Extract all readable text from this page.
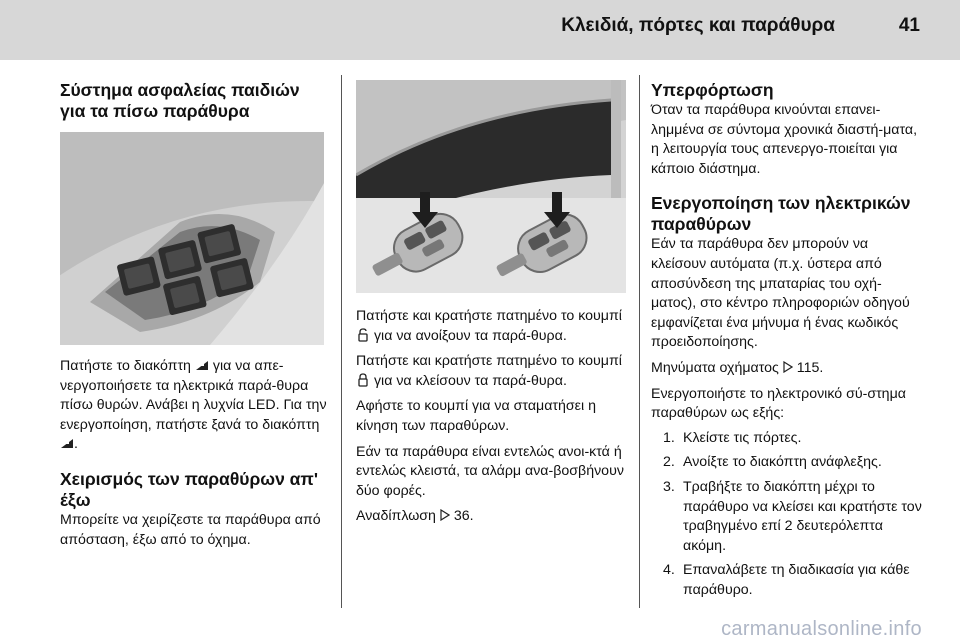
Κλειδιά, πόρτες και παράθυρα	41
Σύστημα ασφαλείας παιδιών για τα πίσω παράθυρα

Πατήστε το διακόπτη για να απε-νεργοποιήσετε τα ηλεκτρικά παρά-θυρα πίσω θυρών. Ανάβει η λυχνία LED. Για την ενεργοποίηση, πατήστε ξανά το διακόπτη .

Χειρισμός των παραθύρων απ' έξω

Μπορείτε να χειρίζεστε τα παράθυρα από απόσταση, έξω από το όχημα.

Πατήστε και κρατήστε πατημένο το κουμπί  για να ανοίξουν τα παρά-θυρα.

Πατήστε και κρατήστε πατημένο το κουμπί  για να κλείσουν τα παρά-θυρα.

Αφήστε το κουμπί για να σταματήσει η κίνηση των παραθύρων.

Εάν τα παράθυρα είναι εντελώς ανοι-κτά ή εντελώς κλειστά, τα αλάρμ ανα-βοσβήνουν δύο φορές.

Αναδίπλωση 36.

Υπερφόρτωση

Όταν τα παράθυρα κινούνται επανει-λημμένα σε σύντομα χρονικά διαστή-ματα, η λειτουργία τους απενεργο-ποιείται για κάποιο διάστημα.

Ενεργοποίηση των ηλεκτρικών παραθύρων

Εάν τα παράθυρα δεν μπορούν να κλείσουν αυτόματα (π.χ. ύστερα από αποσύνδεση της μπαταρίας του οχή-ματος), στο κέντρο πληροφοριών οδηγού εμφανίζεται ένα μήνυμα ή ένας κωδικός προειδοποίησης.

Μηνύματα οχήματος 115.

Ενεργοποιήστε το ηλεκτρονικό σύ-στημα παραθύρων ως εξής:

1. Κλείστε τις πόρτες.
2. Ανοίξτε το διακόπτη ανάφλεξης.
3. Τραβήξτε το διακόπτη μέχρι το παράθυρο να κλείσει και κρατήστε τον τραβηγμένο επί 2 δευτερόλεπτα ακόμη.
4. Επαναλάβετε τη διαδικασία για κάθε παράθυρο.
carmanualsonline.info
